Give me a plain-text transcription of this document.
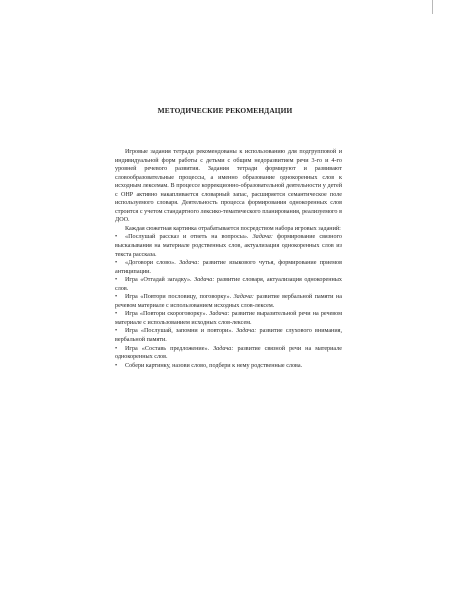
МЕТОДИЧЕСКИЕ РЕКОМЕНДАЦИИ

Игровые задания тетради рекомендованы к использованию для подгрупповой и индивидуальной форм работы с детьми с общим недоразвитием речи 3-го и 4-го уровней речевого развития. Задания тетради формируют и развивают словообразовательные процессы, а именно образование однокоренных слов к исходным лексемам. В процессе коррекционно-образовательной деятельности у детей с ОНР активно накапливается словарный запас, расширяется семантическое поле используемого словаря. Деятельность процесса формирования однокоренных слов строится с учетом стандартного лексико-тематического планирования, реализуемого в ДОО.

Каждая сюжетная картинка отрабатывается посредством набора игровых заданий:

• «Послушай рассказ и ответь на вопросы». Задача: формирование связного высказывания на материале родственных слов, актуализация однокоренных слов из текста рассказа.
• «Договори слово». Задача: развитие языкового чутья, формирование приемов антиципации.
• Игра «Отгадай загадку». Задача: развитие словаря, актуализация однокоренных слов.
• Игра «Повтори пословицу, поговорку». Задача: развитие вербальной памяти на речевом материале с использованием исходных слов-лексем.
• Игра «Повтори скороговорку». Задача: развитие выразительной речи на речевом материале с использованием исходных слов-лексем.
• Игра «Послушай, запомни и повтори». Задача: развитие слухового внимания, вербальной памяти.
• Игра «Составь предложение». Задача: развитие связной речи на материале однокоренных слов.
• Собери картинку, назови слово, подбери к нему родственные слова.
